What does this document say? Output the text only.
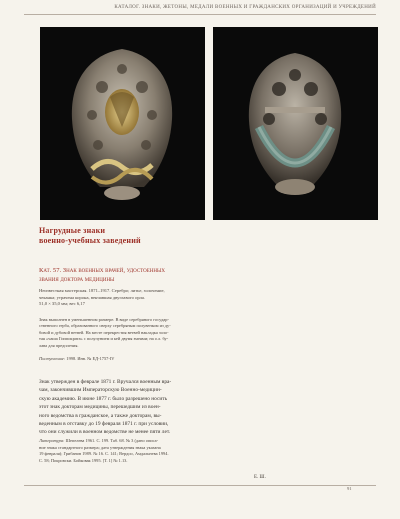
КАТАЛОГ. ЗНАКИ, ЖЕТОНЫ, МЕДАЛИ ВОЕННЫХ И ГРАЖДАНСКИХ ОРГАНИЗАЦИЙ И УЧРЕЖДЕНИЙ
Нагрудные знаки
военно-учебных заведений
Кат. 57. Знак военных врачей, удостоенных
звания доктора медицины
Неизвестная мастерская. 1871–1917. Серебро; литье, золочение,
чеканка; утрачена корона, венчавшая двуглавого орла.
51,0 × 35,0 мм; вес 6,17
Знак выполнен в уменьшенном размере. В виде серебряного государ-
ственного герба, образованного сверху серебряным полувенком из ду-
бовой и дубовой ветвей. На месте перекрестия ветвей накладка золо-
тая «чаша Гиппократа» с полулунием и кей двумя змеями; на о.л. бу-
лава для предплечия.
Поступление: 1998. Инв. № ЕД-1757-IV
Знак утвержден в феврале 1871 г. Вручался военным вра-
чам, закончившим Императорскую Военно-медицин-
скую академию. В июне 1877 г. было разрешено носить
этот знак докторам медицины, перешедшим из воен-
ного ведомства в гражданское, а также докторам, вы-
веденным в отставку до 19 февраля 1871 г. при условии,
что они служили в военном ведомстве не менее пяти лет.
Литература: Шепелева 1961. С. 199. Таб. 68. № 3 (дано описа-
ние знака стандартного размера; дата утверждения знака указана
19 февраля); Грибанов 1989. № 16. С. 141; Вердоо, Амдальнева 1994.
С. 58; Покровски. Бойковак 1995. [Т. 1] № 1.13.
Е. Ш.
91
